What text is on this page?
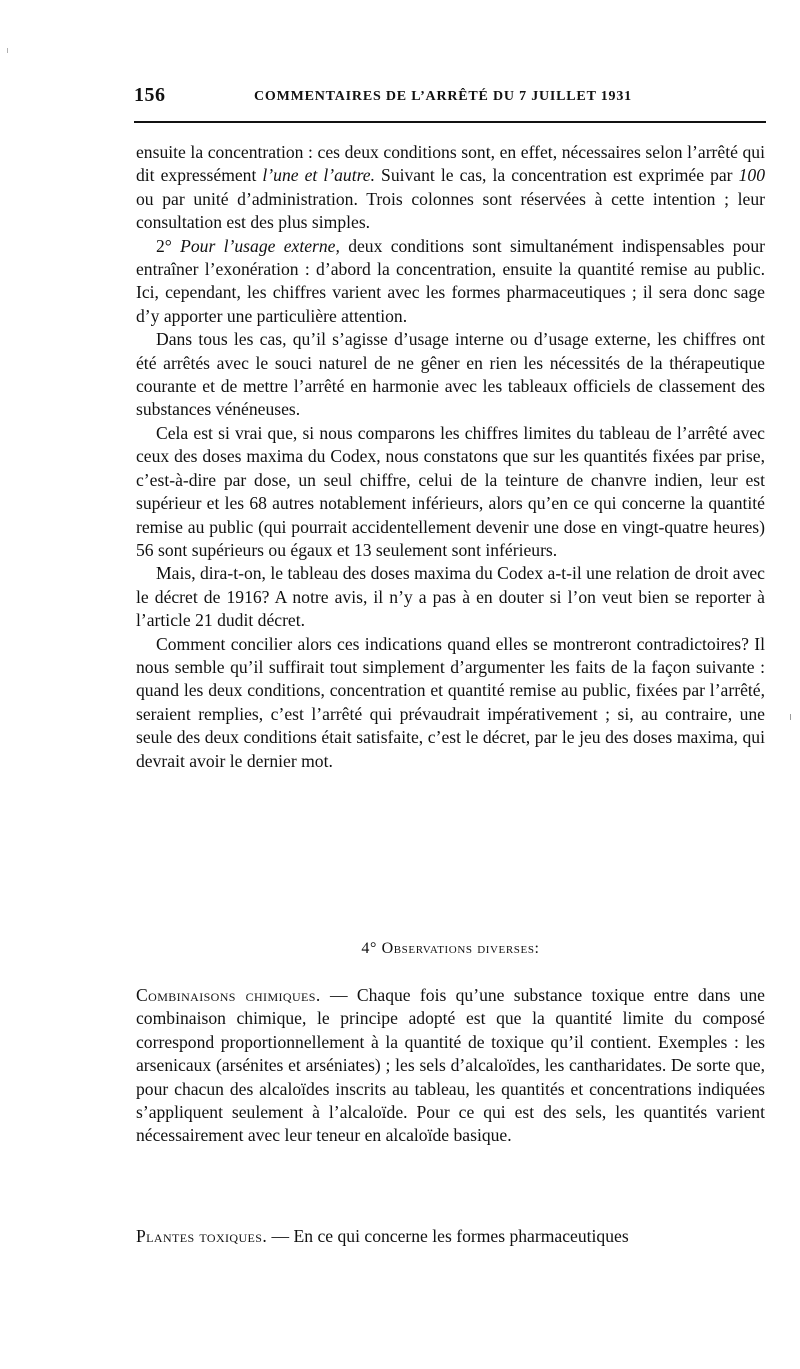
156	COMMENTAIRES DE L’ARRÊTÉ DU 7 JUILLET 1931

ensuite la concentration : ces deux conditions sont, en effet, nécessaires selon l’arrêté qui dit expressément l’une et l’autre. Suivant le cas, la concentration est exprimée par 100 ou par unité d’administration. Trois colonnes sont réservées à cette intention ; leur consultation est des plus simples.

2° Pour l’usage externe, deux conditions sont simultanément indispensables pour entraîner l’exonération : d’abord la concentration, ensuite la quantité remise au public. Ici, cependant, les chiffres varient avec les formes pharmaceutiques ; il sera donc sage d’y apporter une particulière attention.

Dans tous les cas, qu’il s’agisse d’usage interne ou d’usage externe, les chiffres ont été arrêtés avec le souci naturel de ne gêner en rien les nécessités de la thérapeutique courante et de mettre l’arrêté en harmonie avec les tableaux officiels de classement des substances vénéneuses.

Cela est si vrai que, si nous comparons les chiffres limites du tableau de l’arrêté avec ceux des doses maxima du Codex, nous constatons que sur les quantités fixées par prise, c’est-à-dire par dose, un seul chiffre, celui de la teinture de chanvre indien, leur est supérieur et les 68 autres notablement inférieurs, alors qu’en ce qui concerne la quantité remise au public (qui pourrait accidentellement devenir une dose en vingt-quatre heures) 56 sont supérieurs ou égaux et 13 seulement sont inférieurs.

Mais, dira-t-on, le tableau des doses maxima du Codex a-t-il une relation de droit avec le décret de 1916? A notre avis, il n’y a pas à en douter si l’on veut bien se reporter à l’article 21 dudit décret.

Comment concilier alors ces indications quand elles se montreront contradictoires? Il nous semble qu’il suffirait tout simplement d’argumenter les faits de la façon suivante : quand les deux conditions, concentration et quantité remise au public, fixées par l’arrêté, seraient remplies, c’est l’arrêté qui prévaudrait impérativement ; si, au contraire, une seule des deux conditions était satisfaite, c’est le décret, par le jeu des doses maxima, qui devrait avoir le dernier mot.

4° Observations diverses:
Combinaisons chimiques. — Chaque fois qu’une substance toxique entre dans une combinaison chimique, le principe adopté est que la quantité limite du composé correspond proportionnellement à la quantité de toxique qu’il contient. Exemples : les arsenicaux (arsénites et arséniates) ; les sels d’alcaloïdes, les cantharidates. De sorte que, pour chacun des alcaloïdes inscrits au tableau, les quantités et concentrations indiquées s’appliquent seulement à l’alcaloïde. Pour ce qui est des sels, les quantités varient nécessairement avec leur teneur en alcaloïde basique.
Plantes toxiques. — En ce qui concerne les formes pharmaceutiques
